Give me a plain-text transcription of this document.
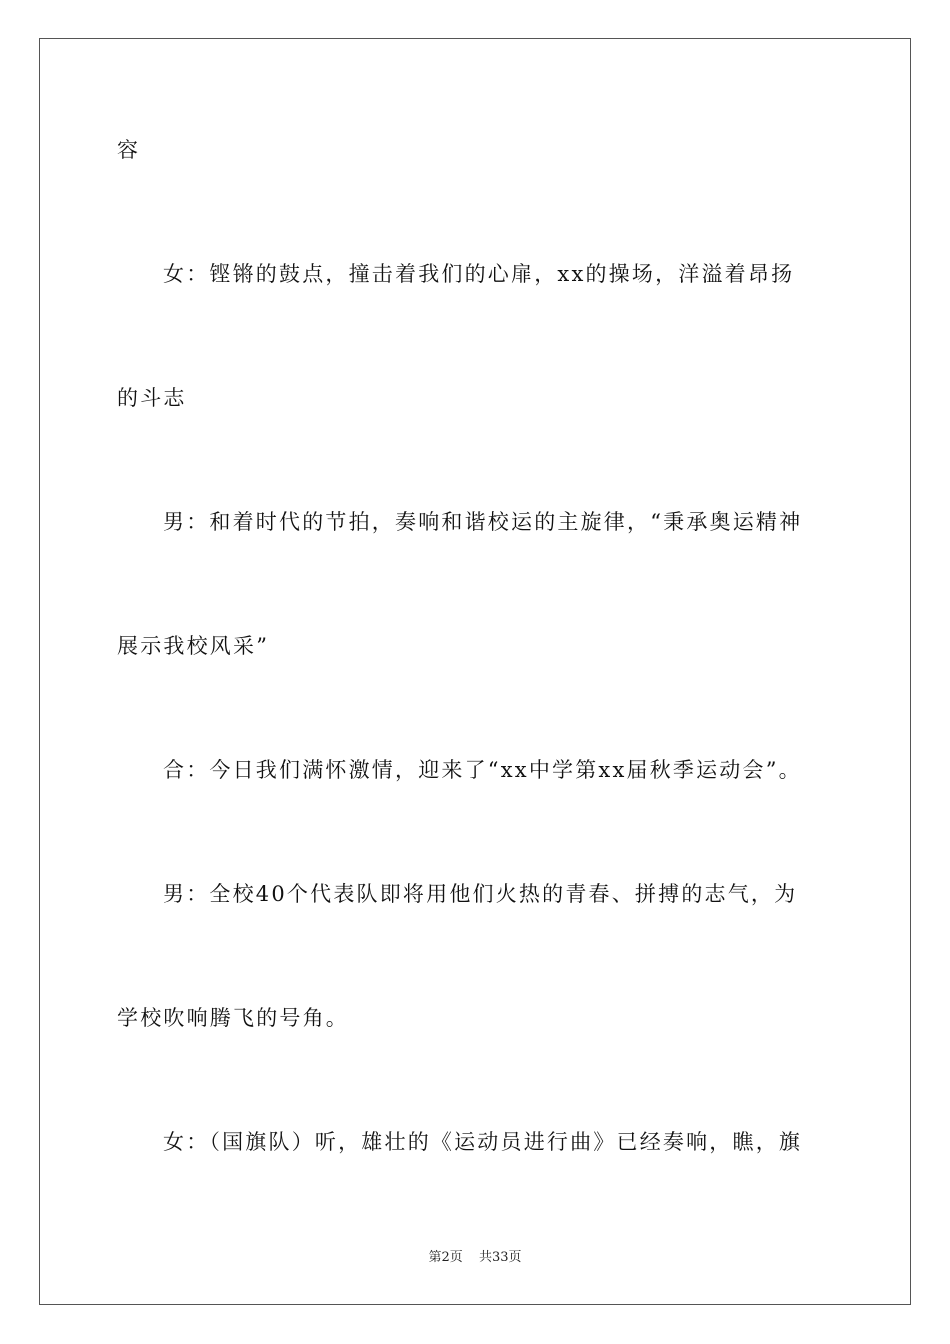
容
女：铿锵的鼓点，撞击着我们的心扉，xx的操场，洋溢着昂扬
的斗志
男：和着时代的节拍，奏响和谐校运的主旋律，“秉承奥运精神
展示我校风采”
合：今日我们满怀激情，迎来了“xx中学第xx届秋季运动会”。
男：全校40个代表队即将用他们火热的青春、拼搏的志气，为
学校吹响腾飞的号角。
女：（国旗队）听，雄壮的《运动员进行曲》已经奏响，瞧，旗
第2页 共33页
